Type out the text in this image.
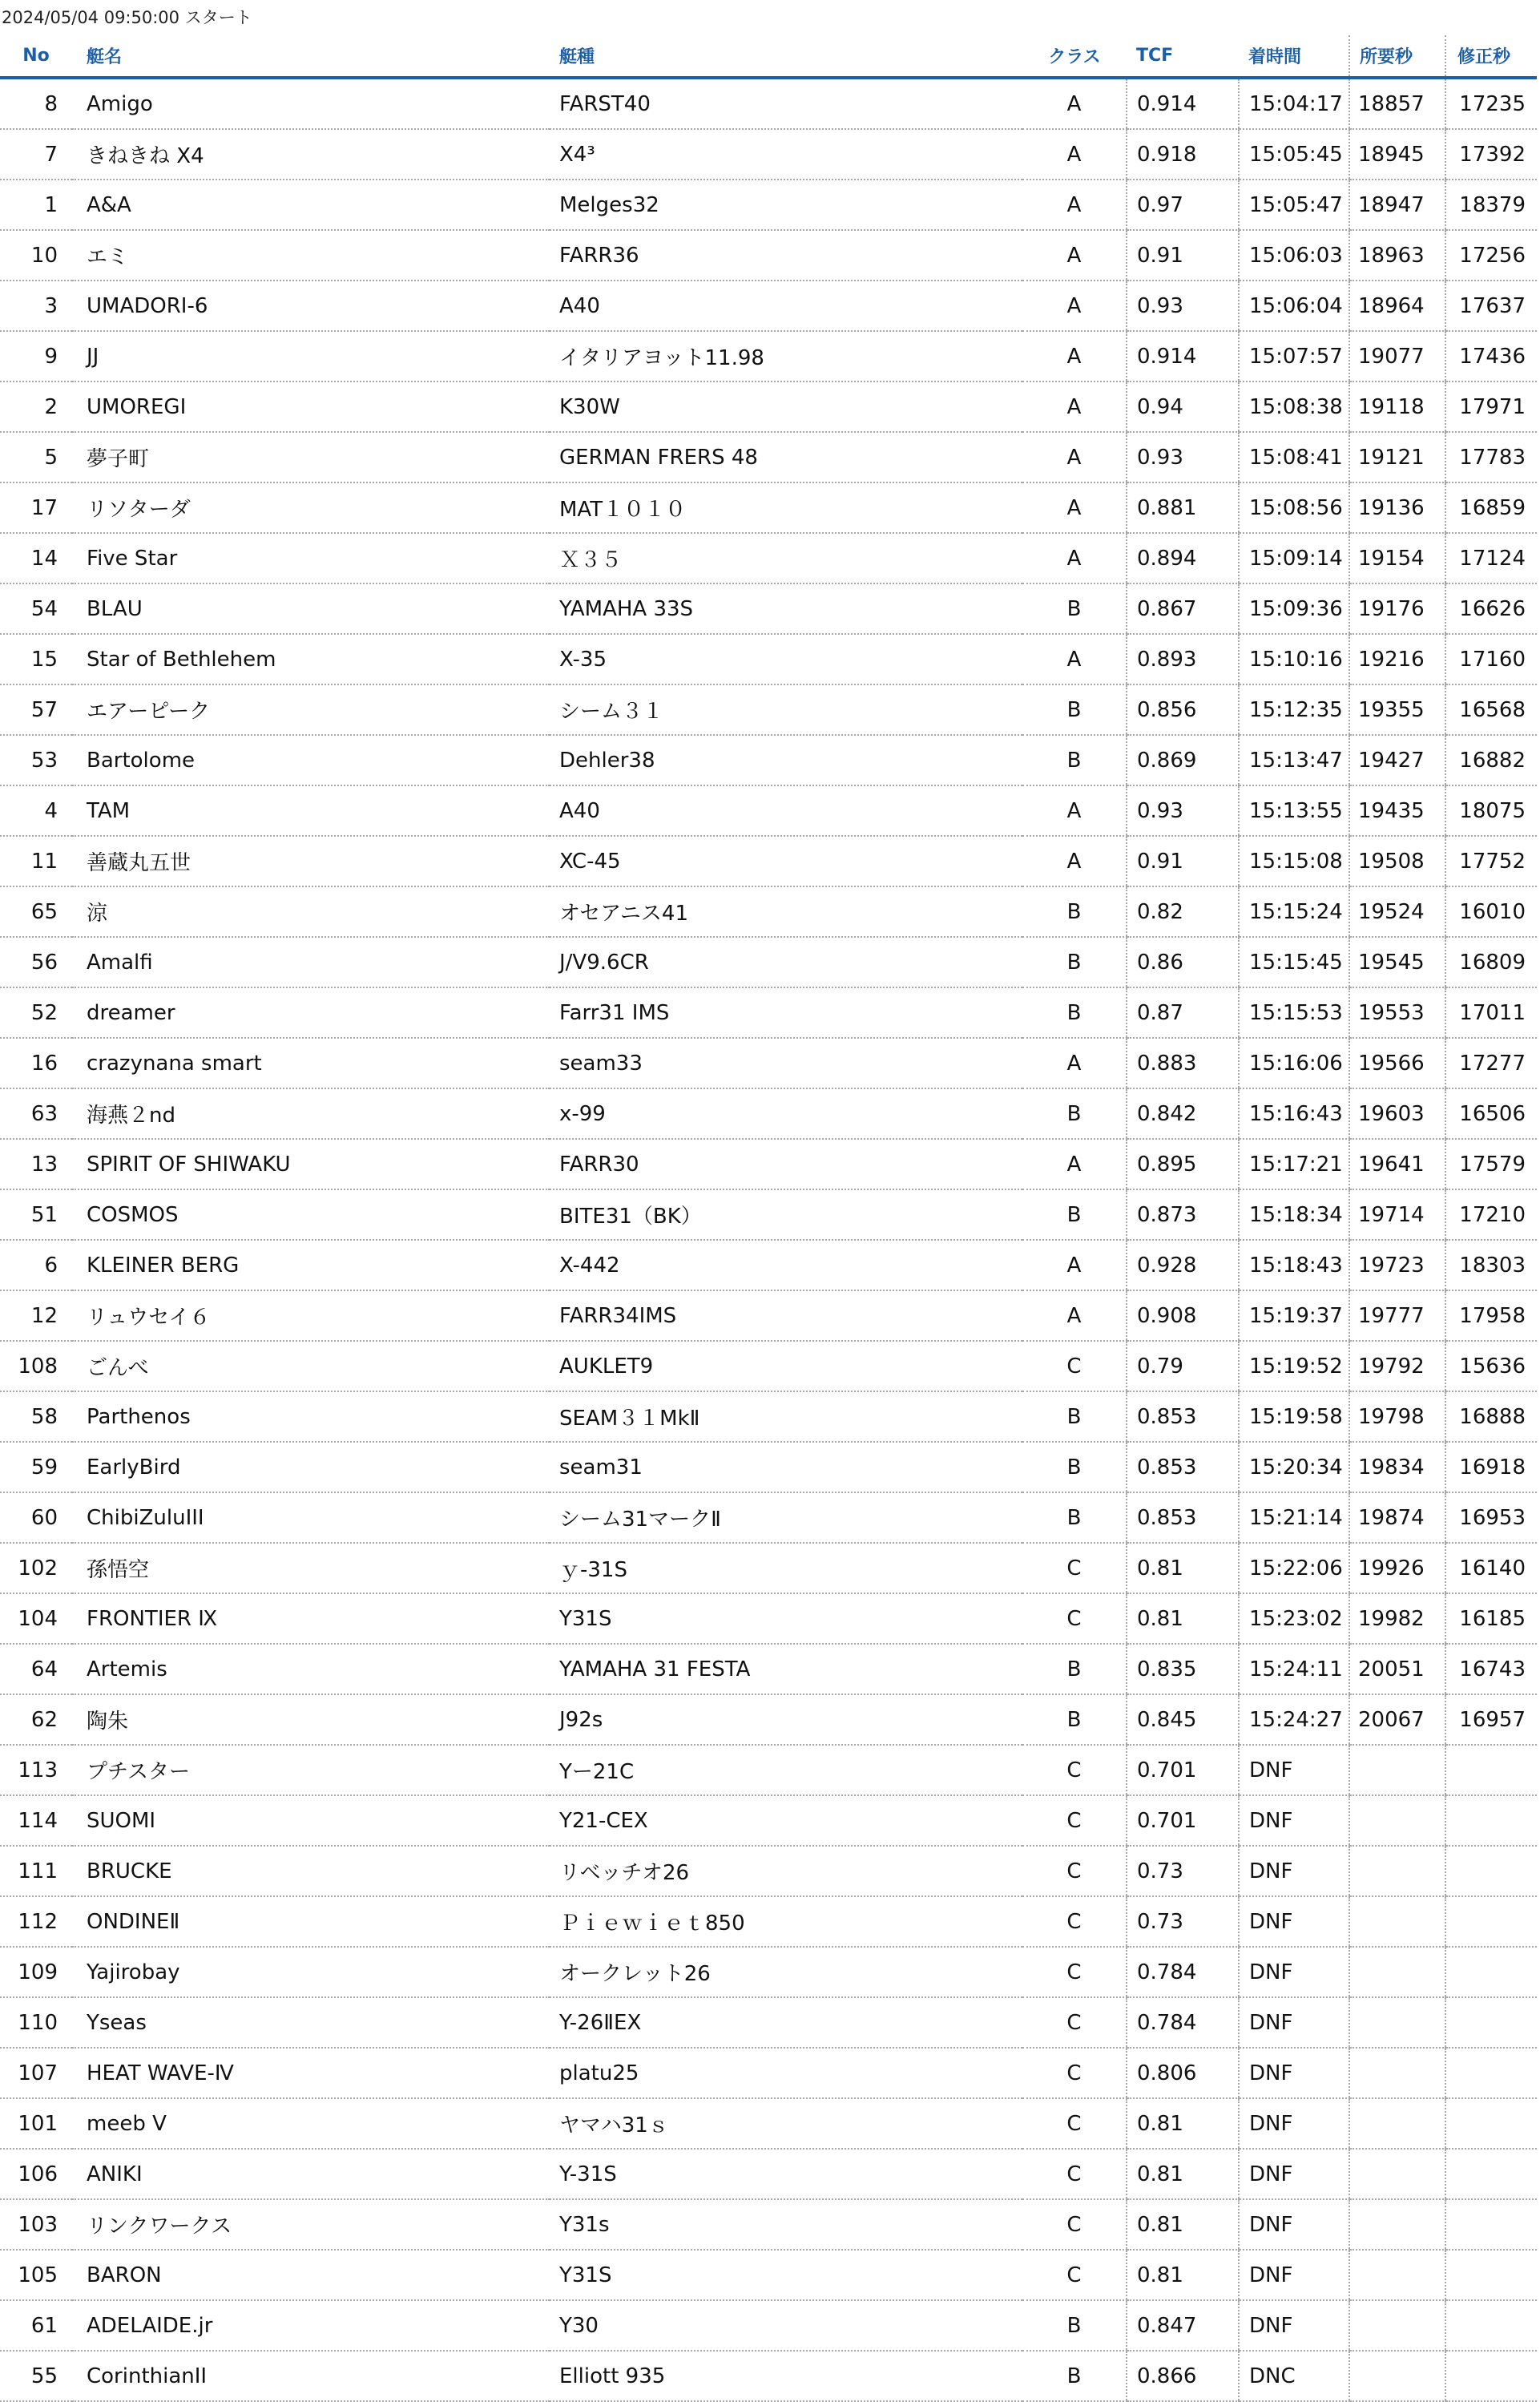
2024/05/04 09:50:00 スタート
No	艇名	艇種	クラス	TCF	着時間	所要秒	修正秒
8	Amigo	FARST40	A	0.914	15:04:17	18857	17235
7	きねきね X4	X4³	A	0.918	15:05:45	18945	17392
1	A&A	Melges32	A	0.97	15:05:47	18947	18379
10	エミ	FARR36	A	0.91	15:06:03	18963	17256
3	UMADORI-6	A40	A	0.93	15:06:04	18964	17637
9	JJ	イタリアヨット11.98	A	0.914	15:07:57	19077	17436
2	UMOREGI	K30W	A	0.94	15:08:38	19118	17971
5	夢子町	GERMAN FRERS 48	A	0.93	15:08:41	19121	17783
17	リソターダ	MAT１０１０	A	0.881	15:08:56	19136	16859
14	Five Star	Ｘ３５	A	0.894	15:09:14	19154	17124
54	BLAU	YAMAHA 33S	B	0.867	15:09:36	19176	16626
15	Star of Bethlehem	X-35	A	0.893	15:10:16	19216	17160
57	エアーピーク	シーム３１	B	0.856	15:12:35	19355	16568
53	Bartolome	Dehler38	B	0.869	15:13:47	19427	16882
4	TAM	A40	A	0.93	15:13:55	19435	18075
11	善蔵丸五世	XC-45	A	0.91	15:15:08	19508	17752
65	涼	オセアニス41	B	0.82	15:15:24	19524	16010
56	Amalfi	J/V9.6CR	B	0.86	15:15:45	19545	16809
52	dreamer	Farr31 IMS	B	0.87	15:15:53	19553	17011
16	crazynana smart	seam33	A	0.883	15:16:06	19566	17277
63	海燕２nd	x-99	B	0.842	15:16:43	19603	16506
13	SPIRIT OF SHIWAKU	FARR30	A	0.895	15:17:21	19641	17579
51	COSMOS	BITE31（BK）	B	0.873	15:18:34	19714	17210
6	KLEINER BERG	X-442	A	0.928	15:18:43	19723	18303
12	リュウセイ６	FARR34IMS	A	0.908	15:19:37	19777	17958
108	ごんべ	AUKLET9	C	0.79	15:19:52	19792	15636
58	Parthenos	SEAM３１MkⅡ	B	0.853	15:19:58	19798	16888
59	EarlyBird	seam31	B	0.853	15:20:34	19834	16918
60	ChibiZuluIII	シーム31マークⅡ	B	0.853	15:21:14	19874	16953
102	孫悟空	ｙ-31S	C	0.81	15:22:06	19926	16140
104	FRONTIER Ⅸ	Y31S	C	0.81	15:23:02	19982	16185
64	Artemis	YAMAHA 31 FESTA	B	0.835	15:24:11	20051	16743
62	陶朱	J92s	B	0.845	15:24:27	20067	16957
113	プチスター	Yー21C	C	0.701	DNF		
114	SUOMI	Y21-CEX	C	0.701	DNF		
111	BRUCKE	リベッチオ26	C	0.73	DNF		
112	ONDINEⅡ	Ｐｉｅｗｉｅｔ850	C	0.73	DNF		
109	Yajirobay	オークレット26	C	0.784	DNF		
110	Yseas	Y-26ⅡEX	C	0.784	DNF		
107	HEAT WAVE-Ⅳ	platu25	C	0.806	DNF		
101	meeb Ⅴ	ヤマハ31ｓ	C	0.81	DNF		
106	ANIKI	Y-31S	C	0.81	DNF		
103	リンクワークス	Y31s	C	0.81	DNF		
105	BARON	Y31S	C	0.81	DNF		
61	ADELAIDE.jr	Y30	B	0.847	DNF		
55	CorinthianII	Elliott 935	B	0.866	DNC		
